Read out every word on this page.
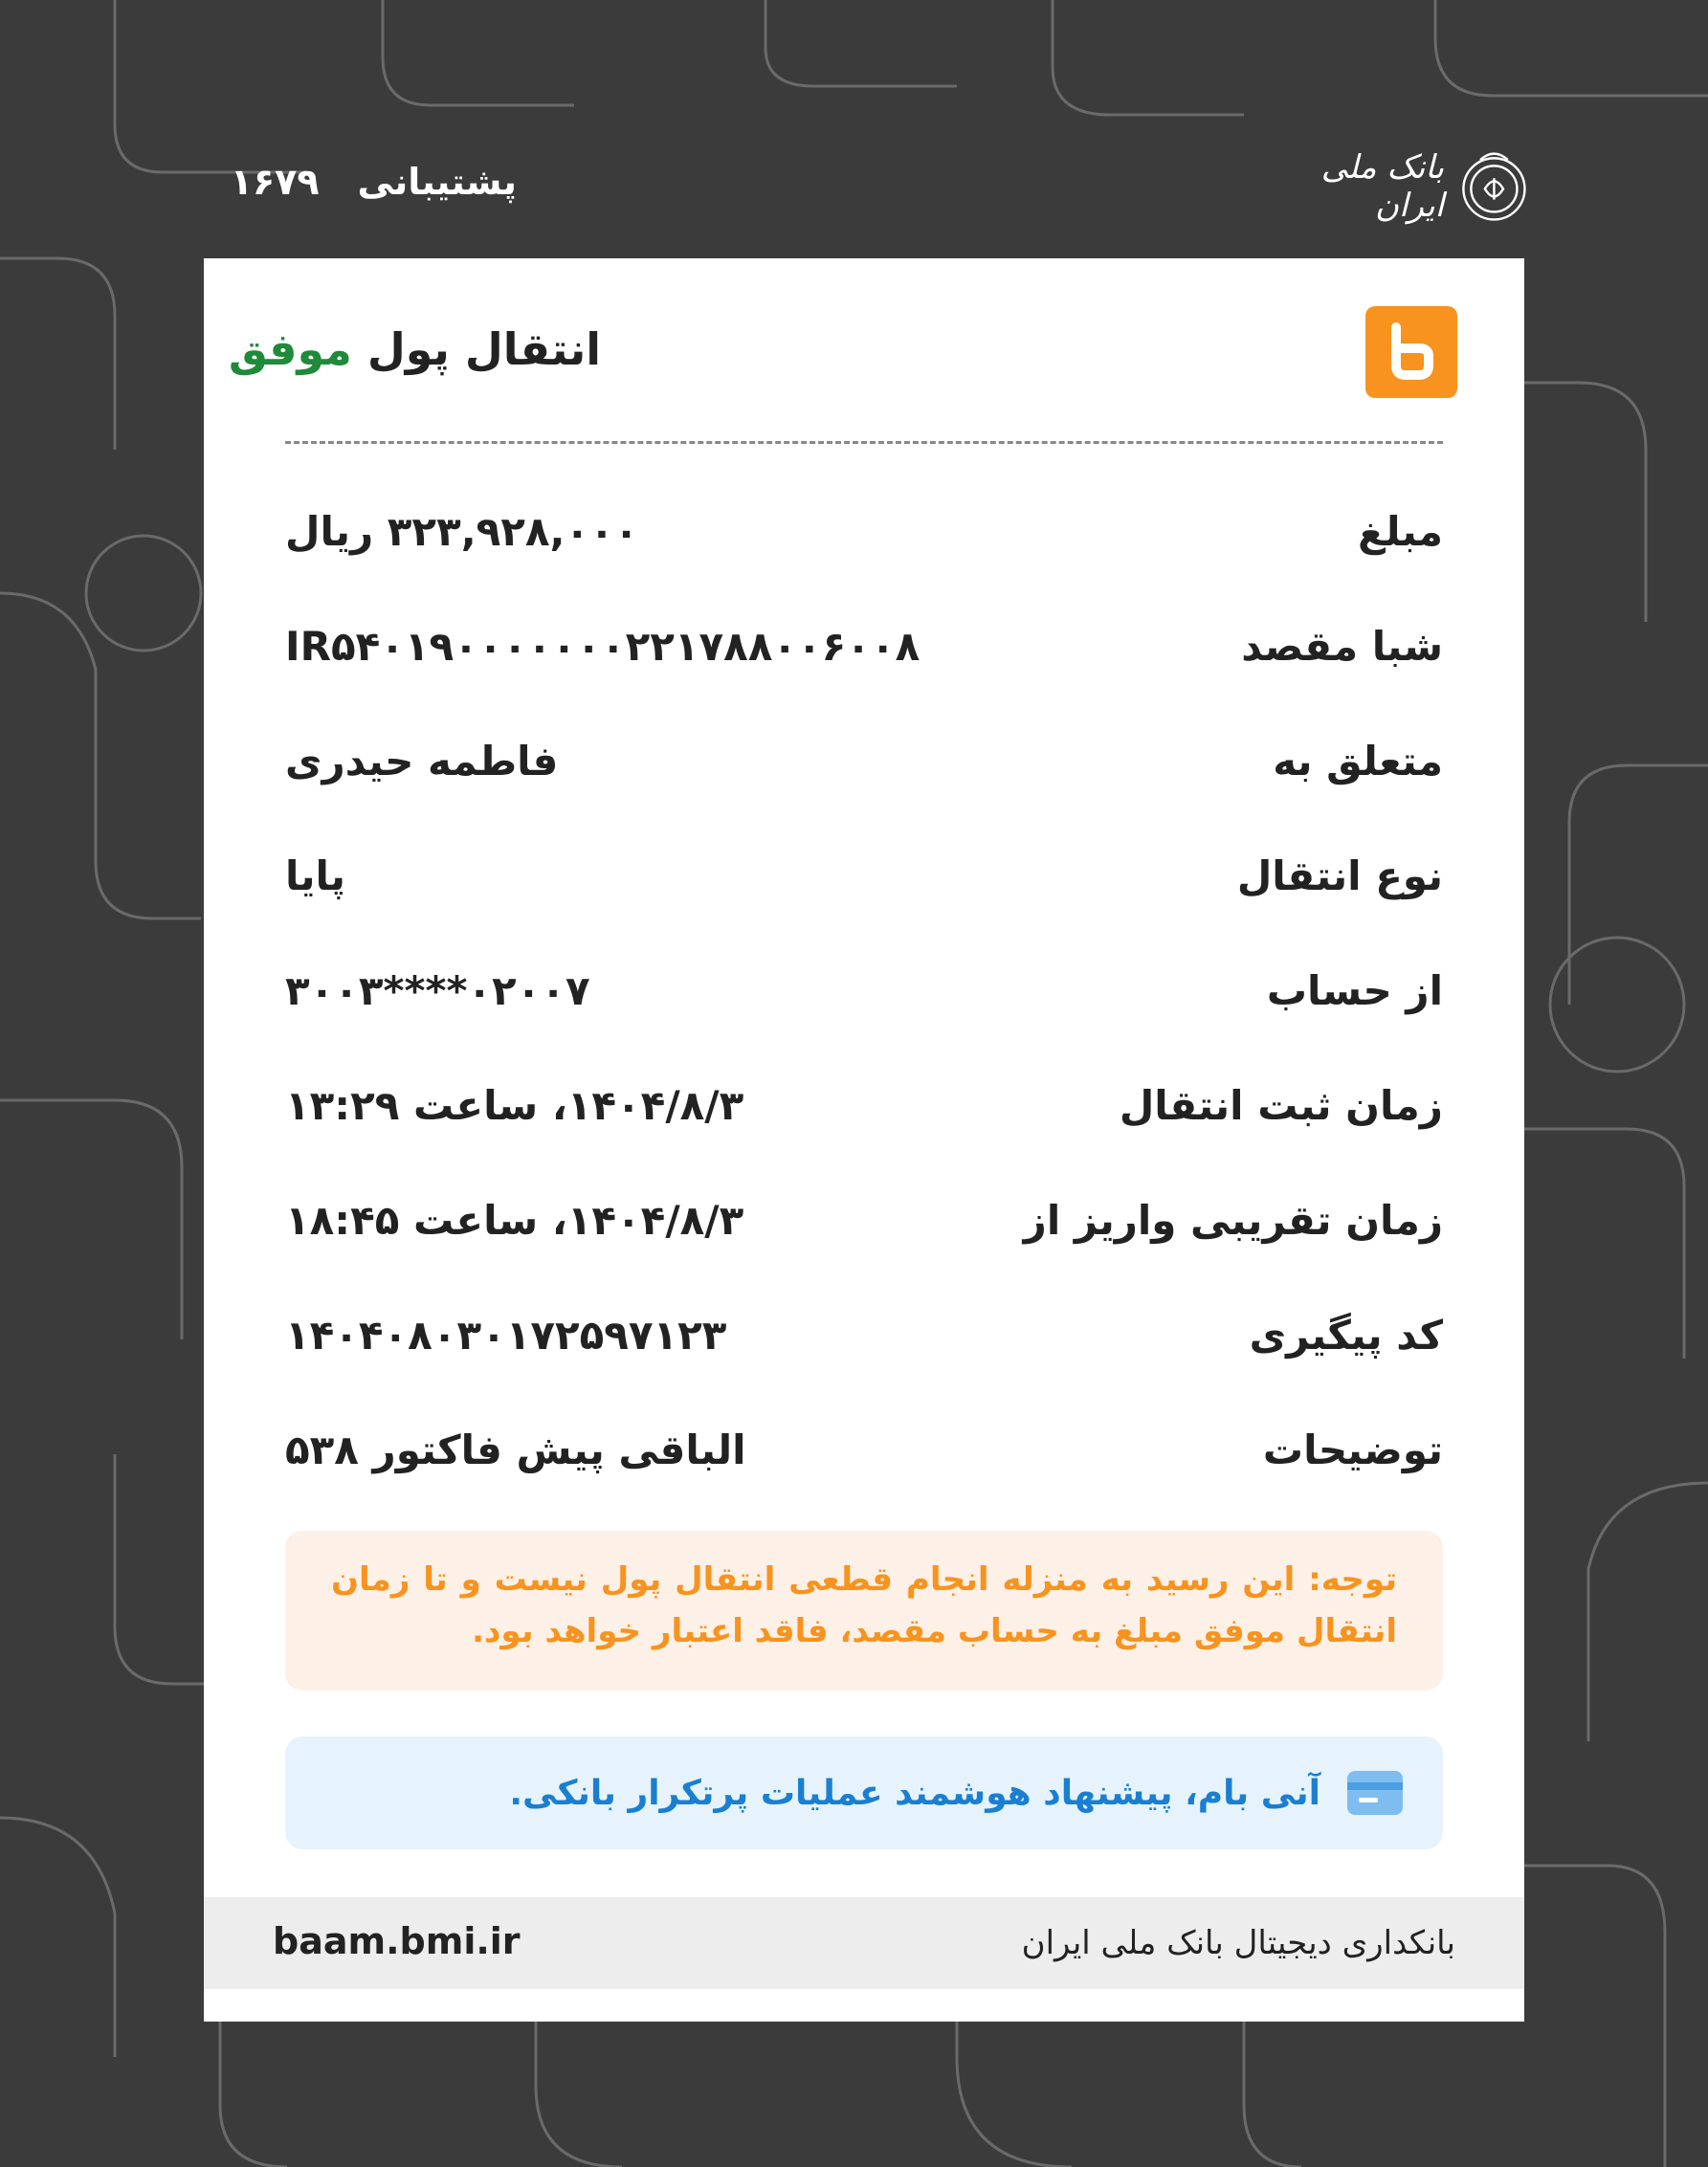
پشتیبانی
۱۶۷۹	بانک ملی ایران
انتقال پول موفق
مبلغ
۳۲۳,۹۲۸,۰۰۰ ریال
شبا مقصد
IR۵۴۰۱۹۰۰۰۰۰۰۰۲۲۱۷۸۸۰۰۶۰۰۸
متعلق به
فاطمه حیدری
نوع انتقال
پایا
از حساب
۰۲۰۰۷****۳۰۰۳
زمان ثبت انتقال
۱۴۰۴/۸/۳، ساعت ۱۳:۲۹
زمان تقریبی واریز از
۱۴۰۴/۸/۳، ساعت ۱۸:۴۵
کد پیگیری
۱۴۰۴۰۸۰۳۰۱۷۲۵۹۷۱۲۳
توضیحات
الباقی پیش فاکتور ۵۳۸
توجه: این رسید به منزله انجام قطعی انتقال پول نیست و تا زمان انتقال موفق مبلغ به حساب مقصد، فاقد اعتبار خواهد بود.
آنی بام، پیشنهاد هوشمند عملیات پرتکرار بانکی.
بانکداری دیجیتال بانک ملی ایران
baam.bmi.ir
